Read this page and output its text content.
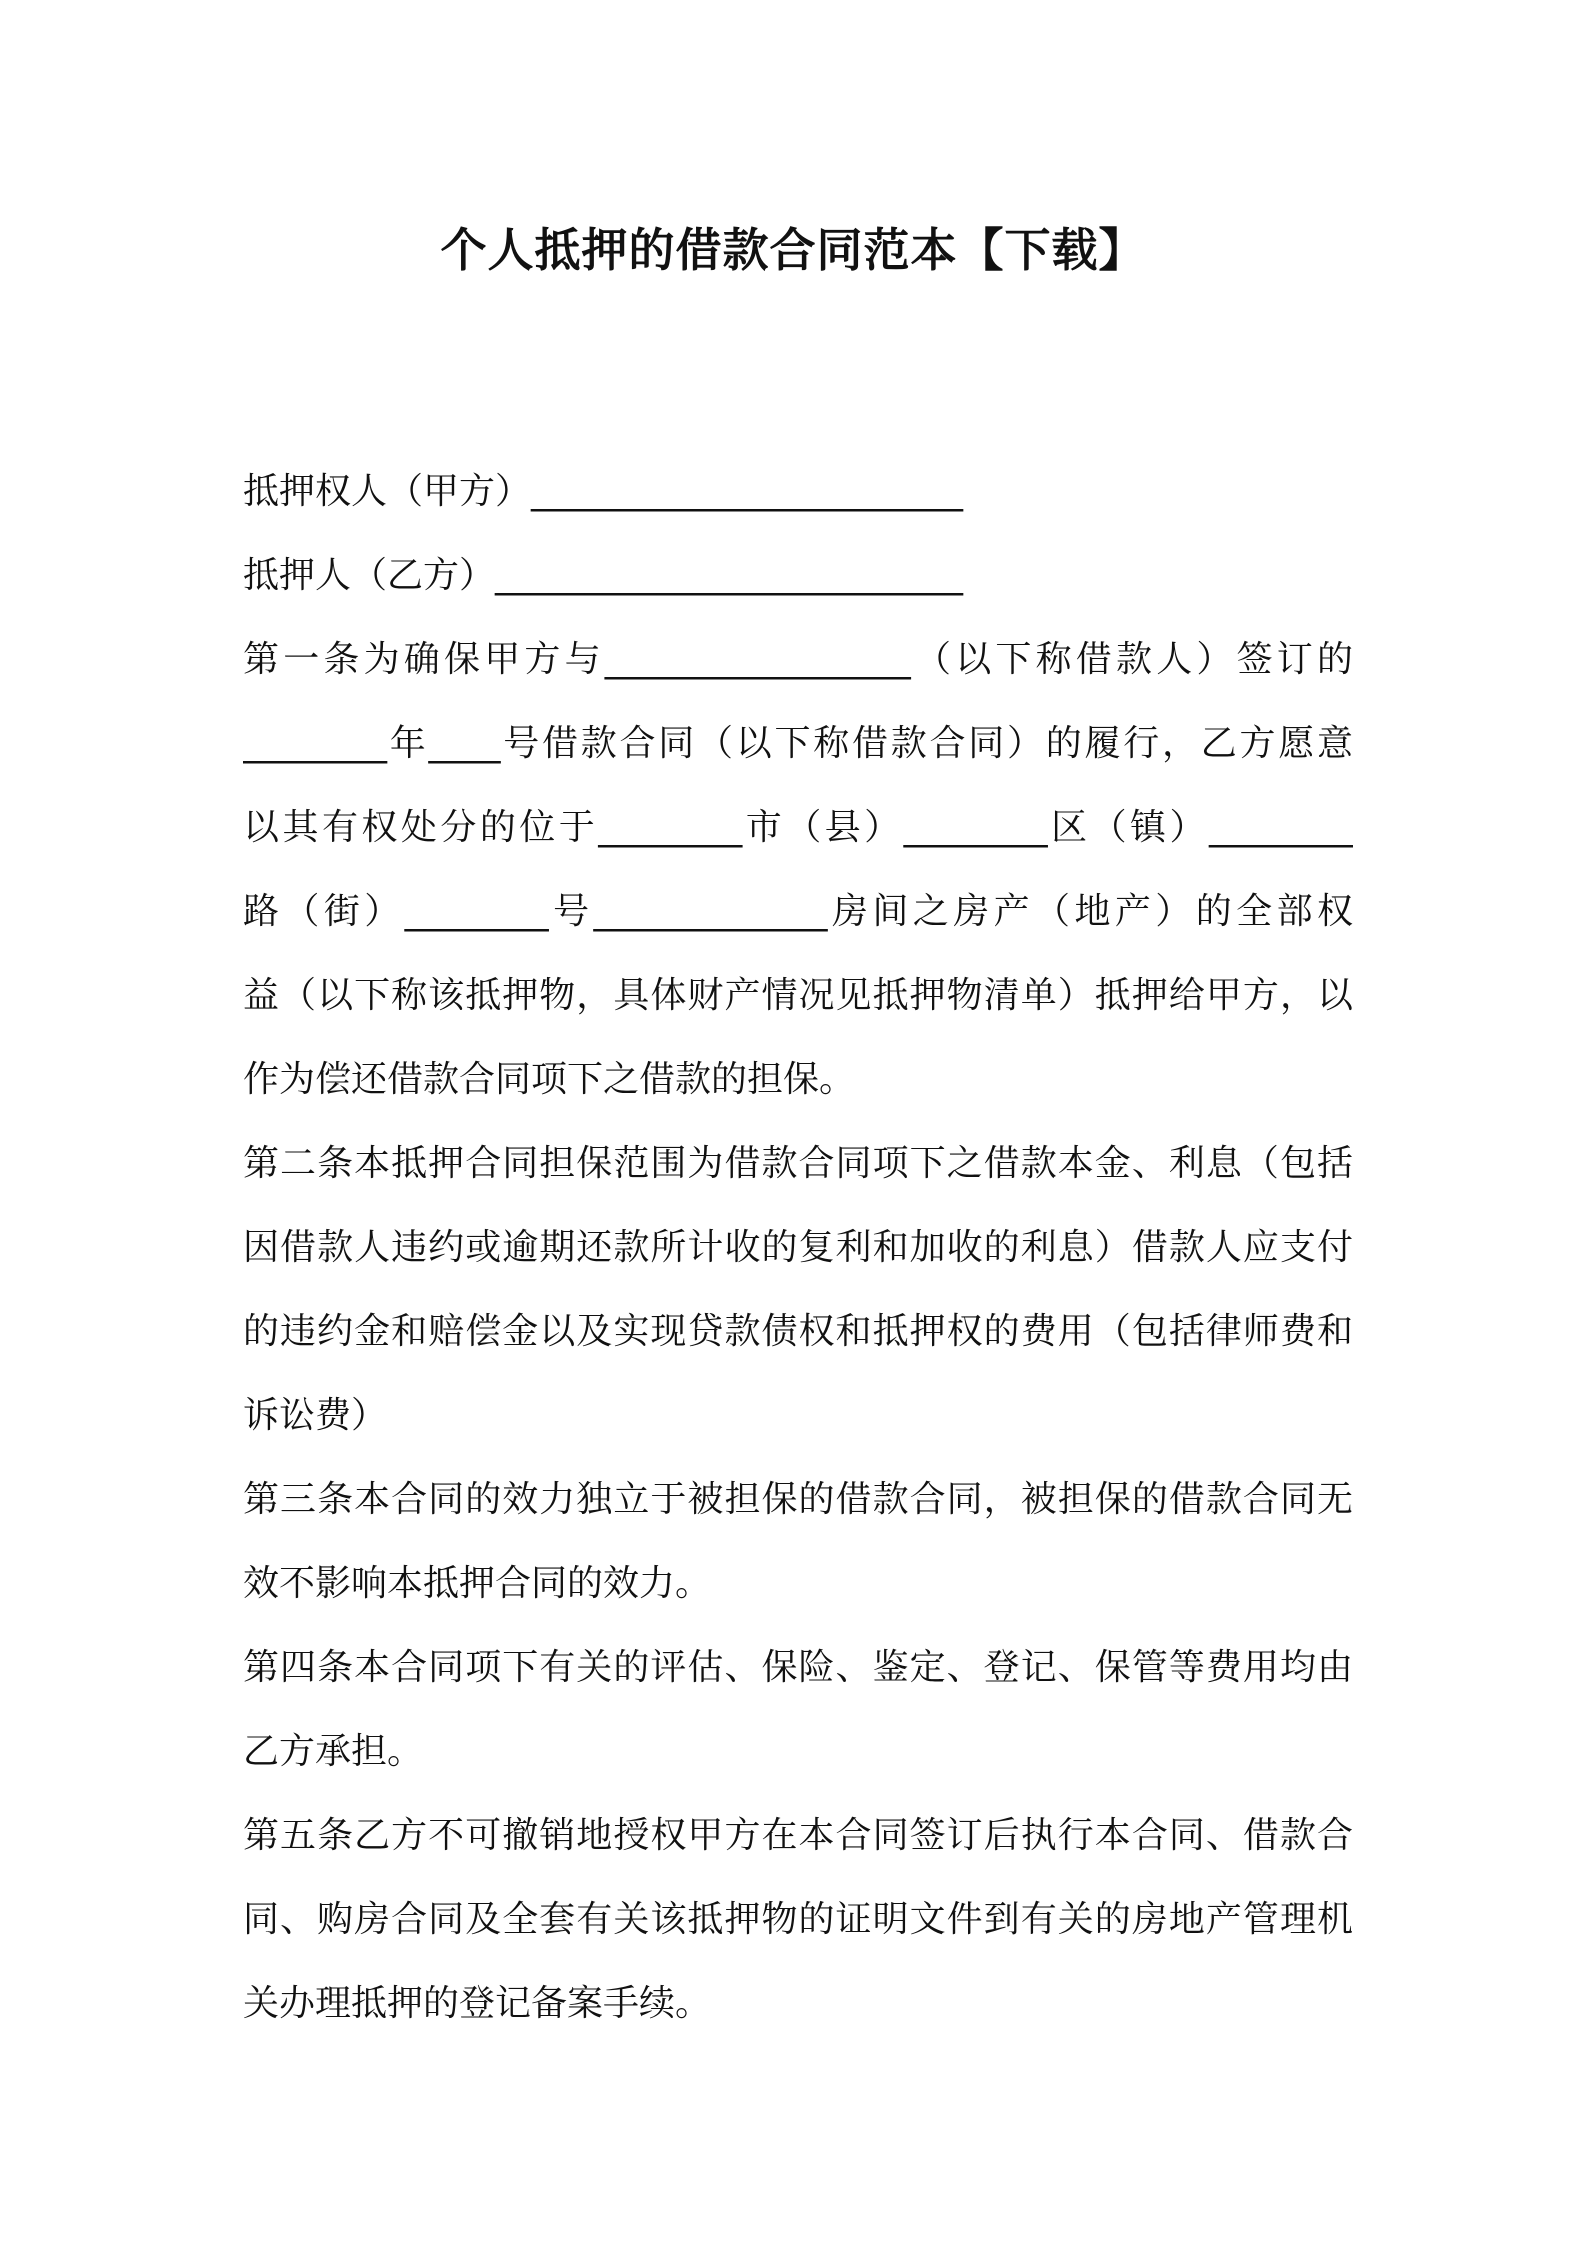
个人抵押的借款合同范本【下载】
抵押权人（甲方）________________________
抵押人（乙方）__________________________
第一条为确保甲方与_________________（以下称借款人）签订的
________年____号借款合同（以下称借款合同）的履行，乙方愿意
以其有权处分的位于________市（县）________区（镇）________
路（街）________号_____________房间之房产（地产）的全部权
益（以下称该抵押物，具体财产情况见抵押物清单）抵押给甲方，以
作为偿还借款合同项下之借款的担保。
第二条本抵押合同担保范围为借款合同项下之借款本金、利息（包括
因借款人违约或逾期还款所计收的复利和加收的利息）借款人应支付
的违约金和赔偿金以及实现贷款债权和抵押权的费用（包括律师费和
诉讼费）
第三条本合同的效力独立于被担保的借款合同，被担保的借款合同无
效不影响本抵押合同的效力。
第四条本合同项下有关的评估、保险、鉴定、登记、保管等费用均由
乙方承担。
第五条乙方不可撤销地授权甲方在本合同签订后执行本合同、借款合
同、购房合同及全套有关该抵押物的证明文件到有关的房地产管理机
关办理抵押的登记备案手续。
